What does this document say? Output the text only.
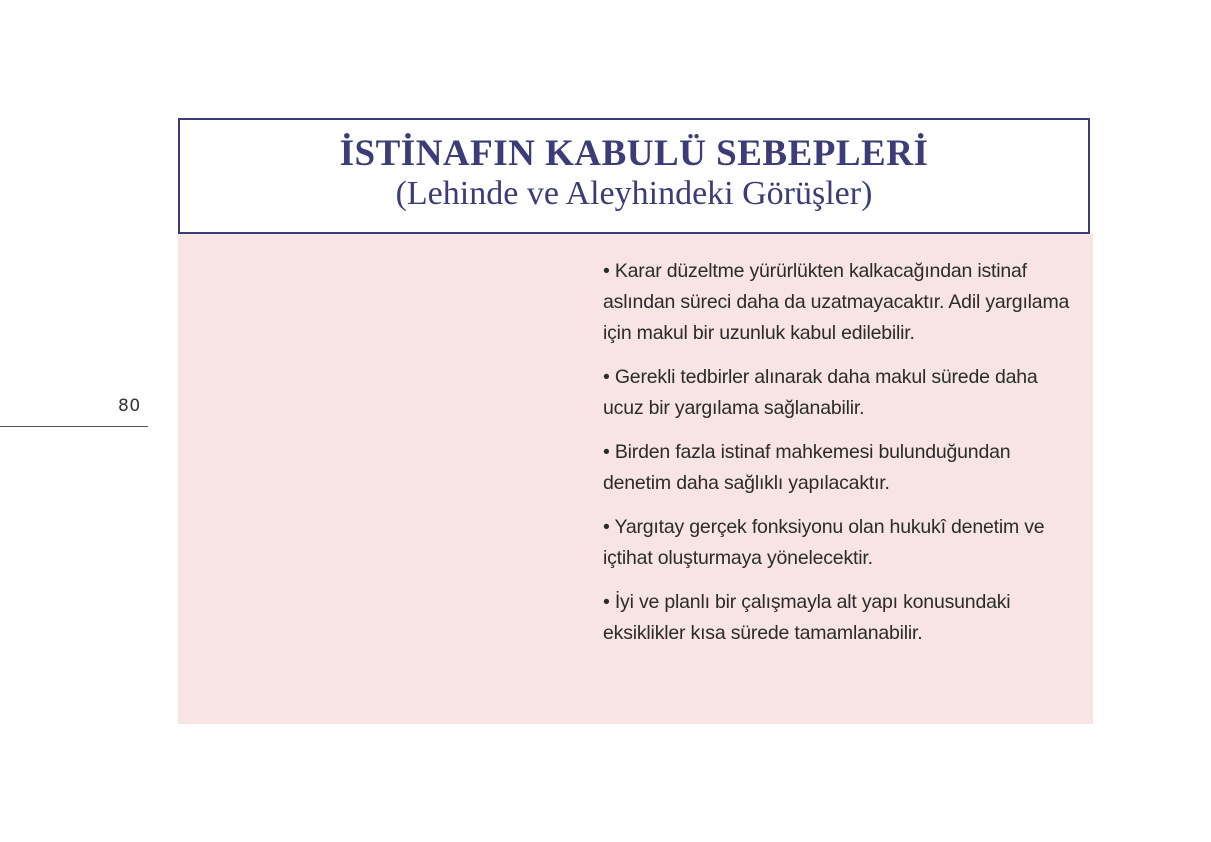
80
İSTİNAFIN KABULÜ SEBEPLERİ
(Lehinde ve Aleyhindeki Görüşler)
• Karar düzeltme yürürlükten kalkacağından istinaf aslından süreci daha da uzatmayacaktır. Adil yargılama için makul bir uzunluk kabul edilebilir.
• Gerekli tedbirler alınarak daha makul sürede daha ucuz bir yargılama sağlanabilir.
• Birden fazla istinaf mahkemesi bulunduğundan denetim daha sağlıklı yapılacaktır.
• Yargıtay gerçek fonksiyonu olan hukukî denetim ve içtihat oluşturmaya yönelecektir.
• İyi ve planlı bir çalışmayla alt yapı konusundaki eksiklikler kısa sürede tamamlanabilir.
